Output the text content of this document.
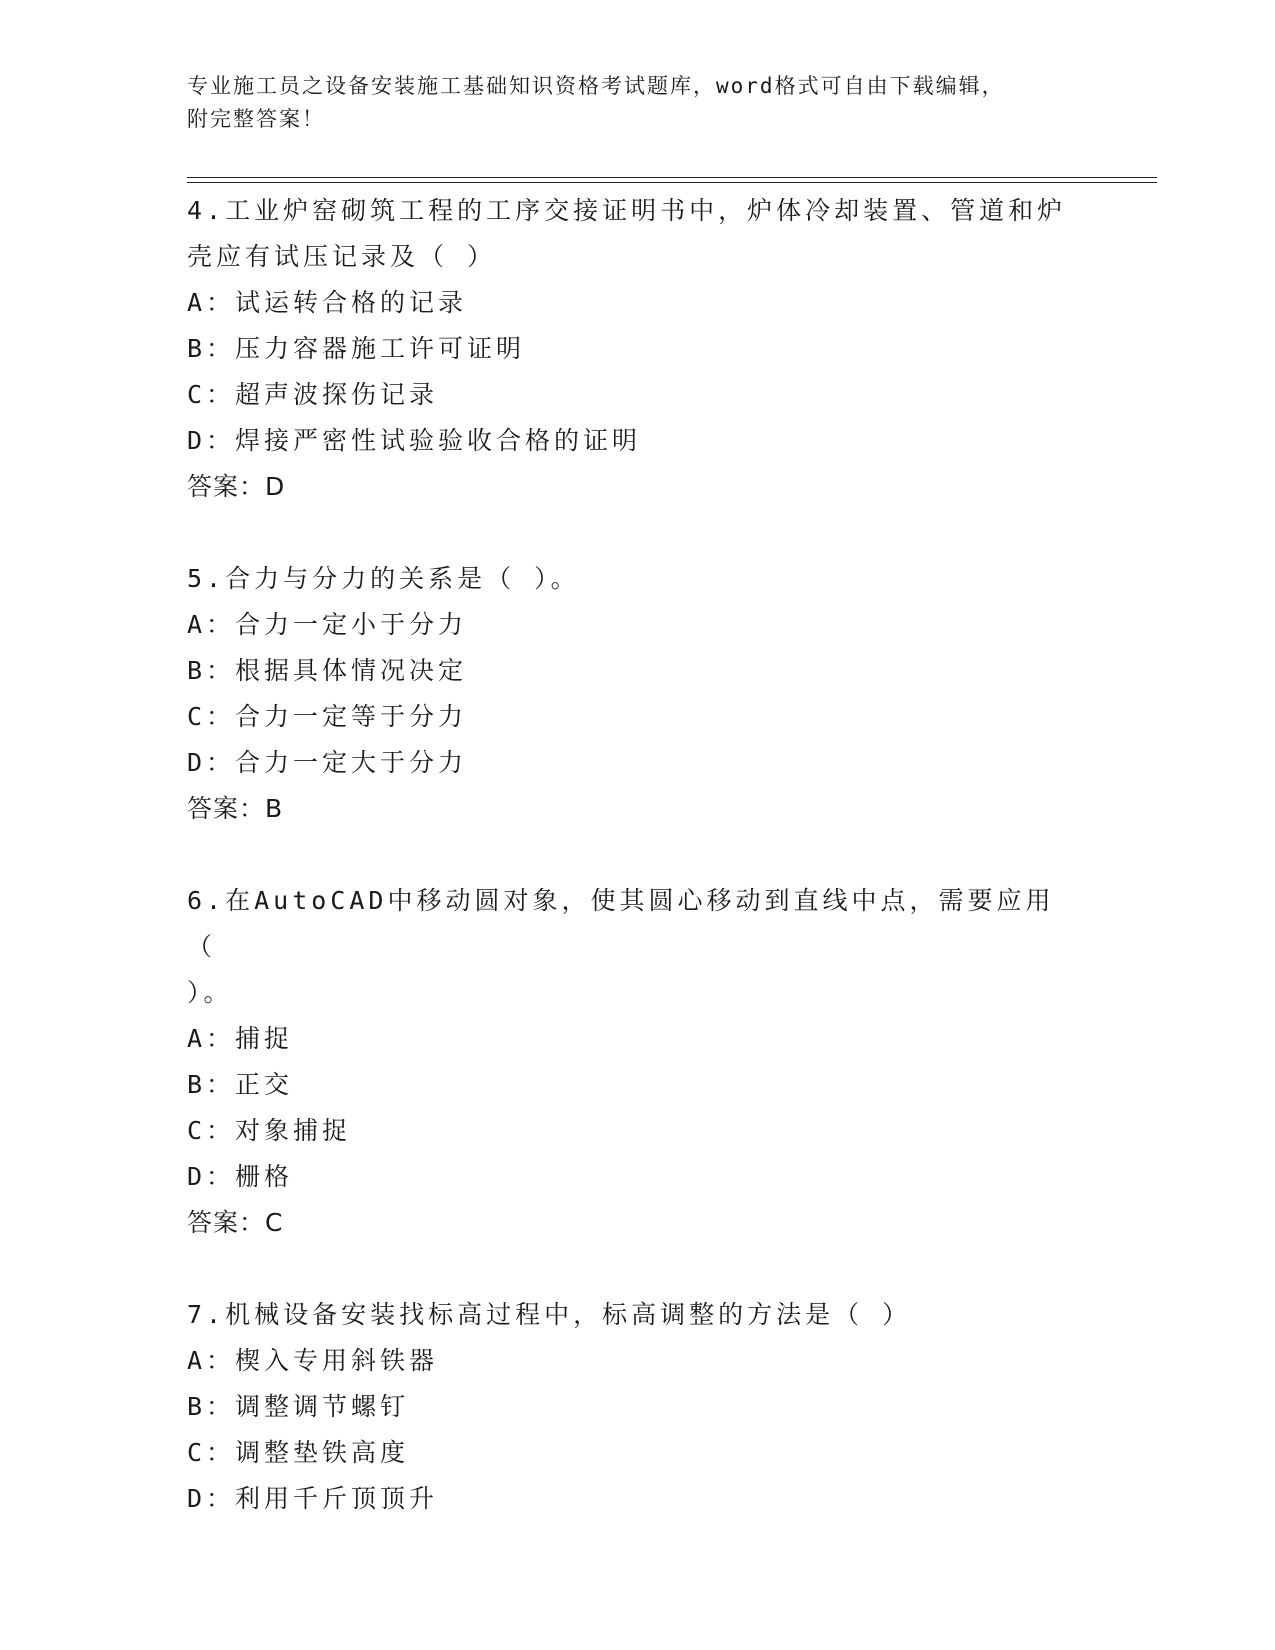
专业施工员之设备安装施工基础知识资格考试题库，word格式可自由下载编辑，
附完整答案！
4.工业炉窑砌筑工程的工序交接证明书中，炉体冷却装置、管道和炉
壳应有试压记录及（ ）
A：试运转合格的记录
B：压力容器施工许可证明
C：超声波探伤记录
D：焊接严密性试验验收合格的证明
答案：D
5.合力与分力的关系是（ ）。
A：合力一定小于分力
B：根据具体情况决定
C：合力一定等于分力
D：合力一定大于分力
答案：B
6.在AutoCAD中移动圆对象，使其圆心移动到直线中点，需要应用（
）。
A：捕捉
B：正交
C：对象捕捉
D：栅格
答案：C
7.机械设备安装找标高过程中，标高调整的方法是（ ）
A：楔入专用斜铁器
B：调整调节螺钉
C：调整垫铁高度
D：利用千斤顶顶升
